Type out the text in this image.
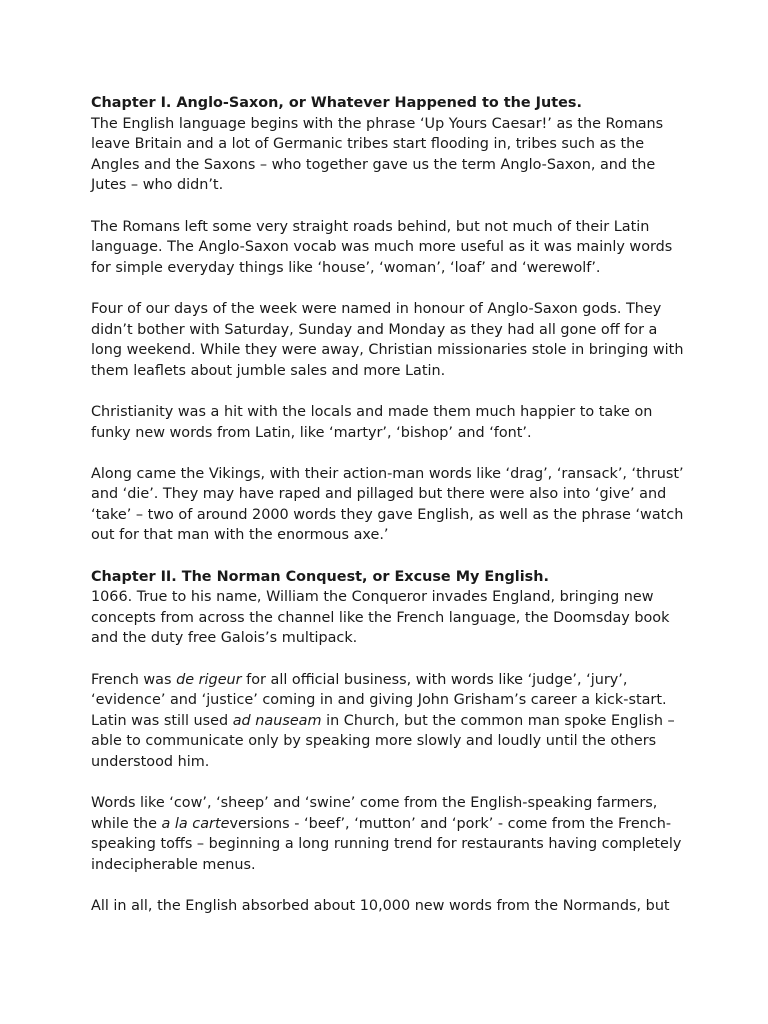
Chapter I. Anglo-Saxon, or Whatever Happened to the Jutes.
The English language begins with the phrase ‘Up Yours Caesar!’ as the Romans leave Britain and a lot of Germanic tribes start flooding in, tribes such as the Angles and the Saxons – who together gave us the term Anglo-Saxon, and the Jutes – who didn’t.

The Romans left some very straight roads behind, but not much of their Latin language. The Anglo-Saxon vocab was much more useful as it was mainly words for simple everyday things like ‘house’, ‘woman’, ‘loaf’ and ‘werewolf’.

Four of our days of the week were named in honour of Anglo-Saxon gods. They didn’t bother with Saturday, Sunday and Monday as they had all gone off for a long weekend. While they were away, Christian missionaries stole in bringing with them leaflets about jumble sales and more Latin.

Christianity was a hit with the locals and made them much happier to take on funky new words from Latin, like ‘martyr’, ‘bishop’ and ‘font’.

Along came the Vikings, with their action-man words like ‘drag’, ‘ransack’, ‘thrust’ and ‘die’. They may have raped and pillaged but there were also into ‘give’ and ‘take’ – two of around 2000 words they gave English, as well as the phrase ‘watch out for that man with the enormous axe.’

Chapter II. The Norman Conquest, or Excuse My English.
1066. True to his name, William the Conqueror invades England, bringing new concepts from across the channel like the French language, the Doomsday book and the duty free Galois’s multipack.

French was de rigeur for all official business, with words like ‘judge’, ‘jury’, ‘evidence’ and ‘justice’ coming in and giving John Grisham’s career a kick-start. Latin was still used ad nauseam in Church, but the common man spoke English – able to communicate only by speaking more slowly and loudly until the others understood him.

Words like ‘cow’, ‘sheep’ and ‘swine’ come from the English-speaking farmers, while the a la carteversions - ‘beef’, ‘mutton’ and ‘pork’ - come from the French-speaking toffs – beginning a long running trend for restaurants having completely indecipherable menus.

All in all, the English absorbed about 10,000 new words from the Normands, but
